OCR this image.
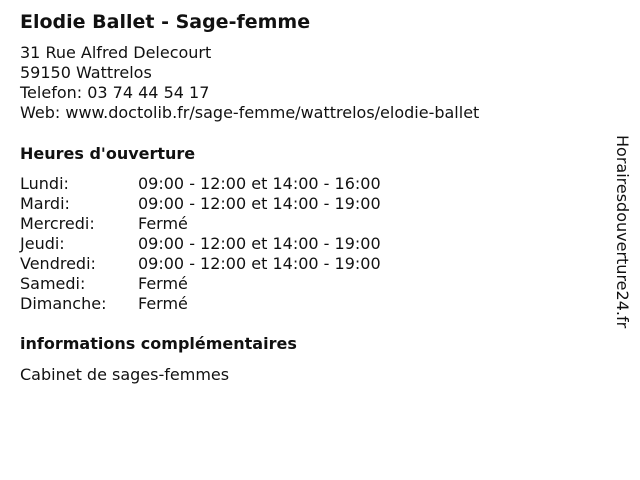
Elodie Ballet - Sage-femme
31 Rue Alfred Delecourt
59150 Wattrelos
Telefon: 03 74 44 54 17
Web: www.doctolib.fr/sage-femme/wattrelos/elodie-ballet
Heures d'ouverture
Lundi:	09:00 - 12:00 et 14:00 - 16:00
Mardi:	09:00 - 12:00 et 14:00 - 19:00
Mercredi:	Fermé
Jeudi:	09:00 - 12:00 et 14:00 - 19:00
Vendredi:	09:00 - 12:00 et 14:00 - 19:00
Samedi:	Fermé
Dimanche: Fermé
informations complémentaires
Cabinet de sages-femmes
Horairesdouverture24.fr
